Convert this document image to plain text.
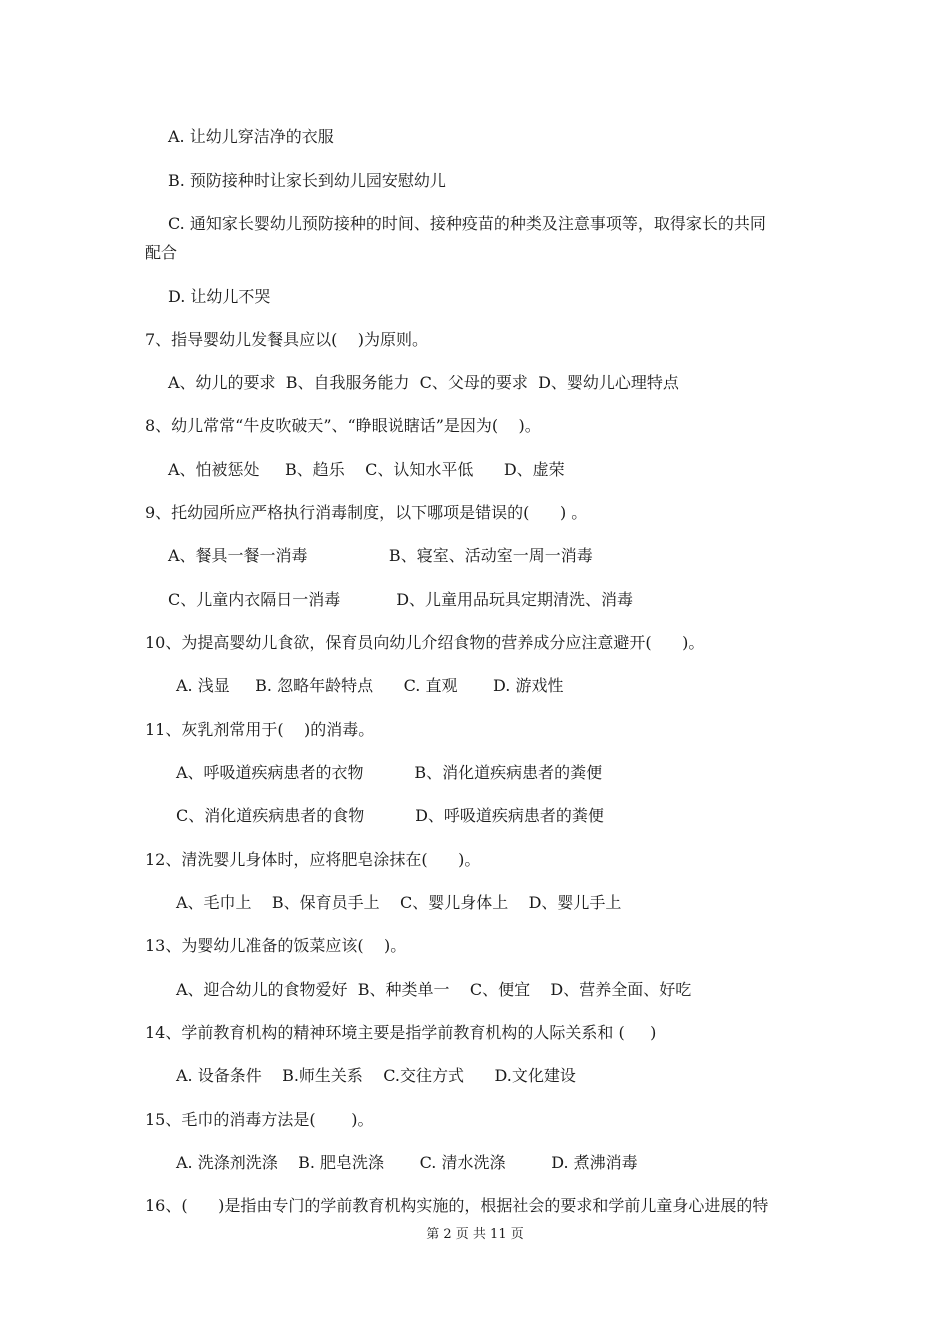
A. 让幼儿穿洁净的衣服
B. 预防接种时让家长到幼儿园安慰幼儿
C. 通知家长婴幼儿预防接种的时间、接种疫苗的种类及注意事项等，取得家长的共同
配合
D. 让幼儿不哭
7、指导婴幼儿发餐具应以(    )为原则。
A、幼儿的要求  B、自我服务能力  C、父母的要求  D、婴幼儿心理特点
8、幼儿常常“牛皮吹破天”、“睁眼说瞎话”是因为(    )。
A、怕被惩处     B、趋乐    C、认知水平低      D、虚荣
9、托幼园所应严格执行消毒制度，以下哪项是错误的(      ) 。
A、餐具一餐一消毒                B、寝室、活动室一周一消毒
C、儿童内衣隔日一消毒           D、儿童用品玩具定期清洗、消毒
10、为提高婴幼儿食欲，保育员向幼儿介绍食物的营养成分应注意避开(      )。
A. 浅显     B. 忽略年龄特点      C. 直观       D. 游戏性
11、灰乳剂常用于(    )的消毒。
A、呼吸道疾病患者的衣物          B、消化道疾病患者的粪便
C、消化道疾病患者的食物          D、呼吸道疾病患者的粪便
12、清洗婴儿身体时，应将肥皂涂抹在(      )。
A、毛巾上    B、保育员手上    C、婴儿身体上    D、婴儿手上
13、为婴幼儿准备的饭菜应该(    )。
A、迎合幼儿的食物爱好  B、种类单一    C、便宜    D、营养全面、好吃
14、学前教育机构的精神环境主要是指学前教育机构的人际关系和 (     )
A. 设备条件    B.师生关系    C.交往方式      D.文化建设
15、毛巾的消毒方法是(       )。
A. 洗涤剂洗涤    B. 肥皂洗涤       C. 清水洗涤         D. 煮沸消毒
16、(      )是指由专门的学前教育机构实施的，根据社会的要求和学前儿童身心进展的特
第 2 页 共 11 页
